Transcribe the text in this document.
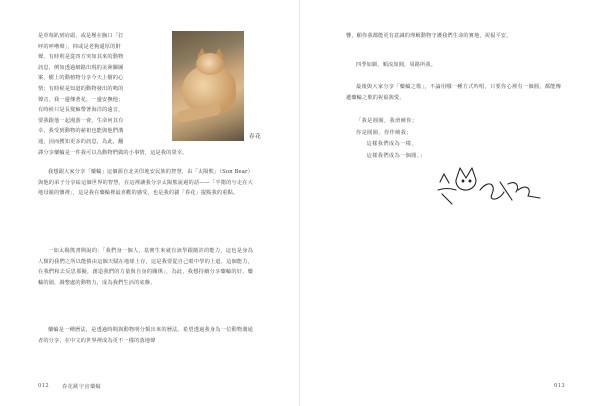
是草莓趴到肩頭，或是壓在胸口「打
呼的呼嚕聲」，抑或是老狗還厚的鼾
聲。有時則是從四方突如其來的動物
訊息，例如透過網路出現的美洲獅圖
案，樹上的動植物分享今天上樹的心
情；有時候是知道的動物發出的鳴的
聲音，我一邊傳著花，一邊安撫他；
有時候只是長髮鯨帶著海洋的遠音，
要我跟他一起漫游一會。生命何其有
幸，我受到動物的慈祖也能與他們溝
通，因而獲知更多的訊息，為此，翻
譯分享藥輪是一件我可以為動物們做的小事情，這是我的榮幸。
春花
我想跟大家分享「藥輪」這個源自北美印地安民族的智慧，由「太陽熊」（Sun Bear）與他的弟子分享給這個世界的智慧，在這裡讓我分享太陽熊說過的話——「半衛的兮走在大地母親的懷裡」，這是我在藥輪裡最喜歡的感受，也是我的貓「春花」提點我的重點。
一如太陽熊書開說的：「我們身一個人，基實生來就有該學跟隨許的能力，這也是身為人類的我們之所以能勝由這個天賦在地球上存，這是我要從自己眼中學的上道。這個能力，在我們和去反思那擬，創造我們的力量與自身的關係」，為此，我想持續分享藥輪的好，藥輪的園，調整處的動物力，成為我們生活的底盤。
藥輪是一種曆法，是透過時間與動物明分類出來的曆法。希望透過我身為一位動物溝通者的分享，在中文的世界裡成為更不一樣的落地聲
012 春花跳宇宙藥輪
響，願你我都能更有意識的理解動物守護我們生命的實地，祝福平安。
四季如願，順流如圓，周路所我。
最後與大家分享「藥輪之歌」，不論用哪一種方式吟唱，只要你心裡有一個圓，都能傳遞藥輪之歌的祝福與愛。
「我是圓圈，我滑饒你；
你是圓圈，你伴饒我；
這樣我們成為一樣，
這樣我們成為一個圓。」
013
